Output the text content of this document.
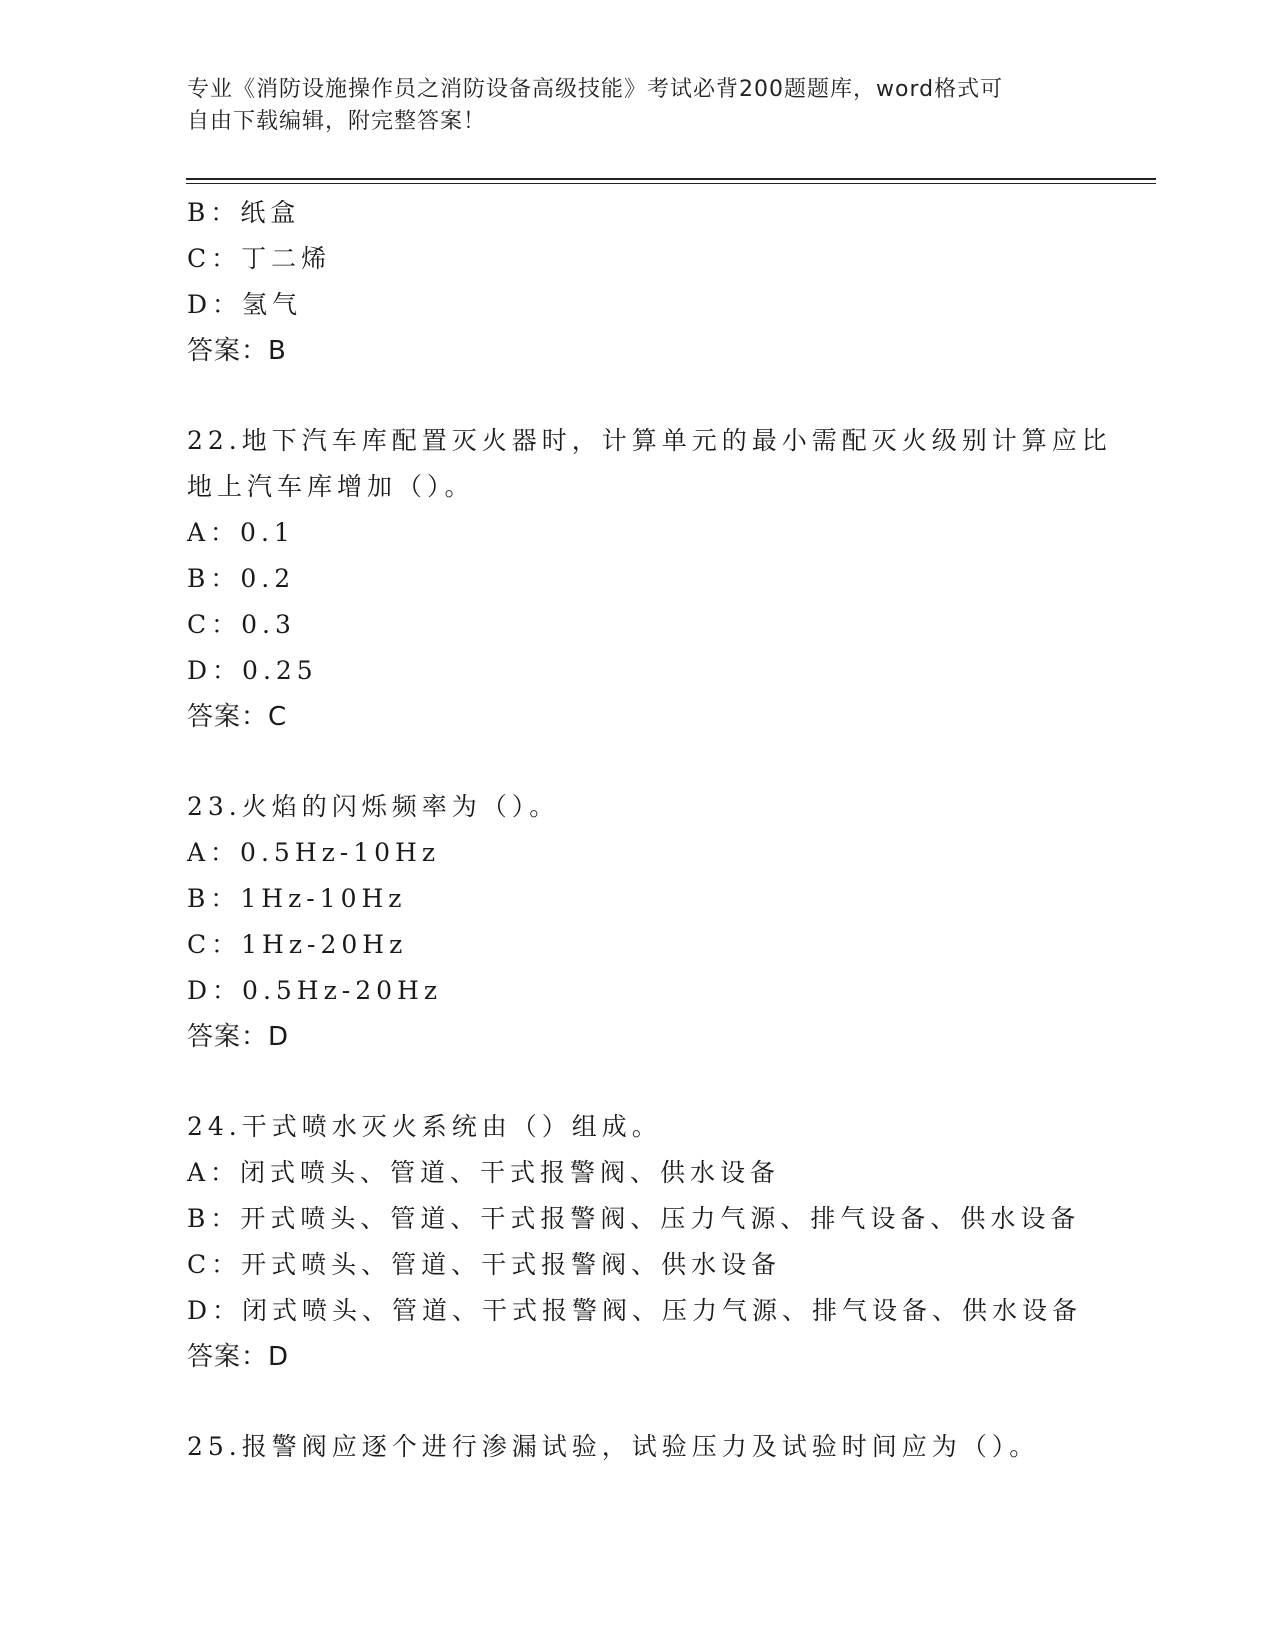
专业《消防设施操作员之消防设备高级技能》考试必背200题题库，word格式可
自由下载编辑，附完整答案！
B：纸盒
C：丁二烯
D：氢气
答案：B
22.地下汽车库配置灭火器时，计算单元的最小需配灭火级别计算应比
地上汽车库增加（）。
A：0.1
B：0.2
C：0.3
D：0.25
答案：C
23.火焰的闪烁频率为（）。
A：0.5Hz-10Hz
B：1Hz-10Hz
C：1Hz-20Hz
D：0.5Hz-20Hz
答案：D
24.干式喷水灭火系统由（）组成。
A：闭式喷头、管道、干式报警阀、供水设备
B：开式喷头、管道、干式报警阀、压力气源、排气设备、供水设备
C：开式喷头、管道、干式报警阀、供水设备
D：闭式喷头、管道、干式报警阀、压力气源、排气设备、供水设备
答案：D
25.报警阀应逐个进行渗漏试验，试验压力及试验时间应为（）。
